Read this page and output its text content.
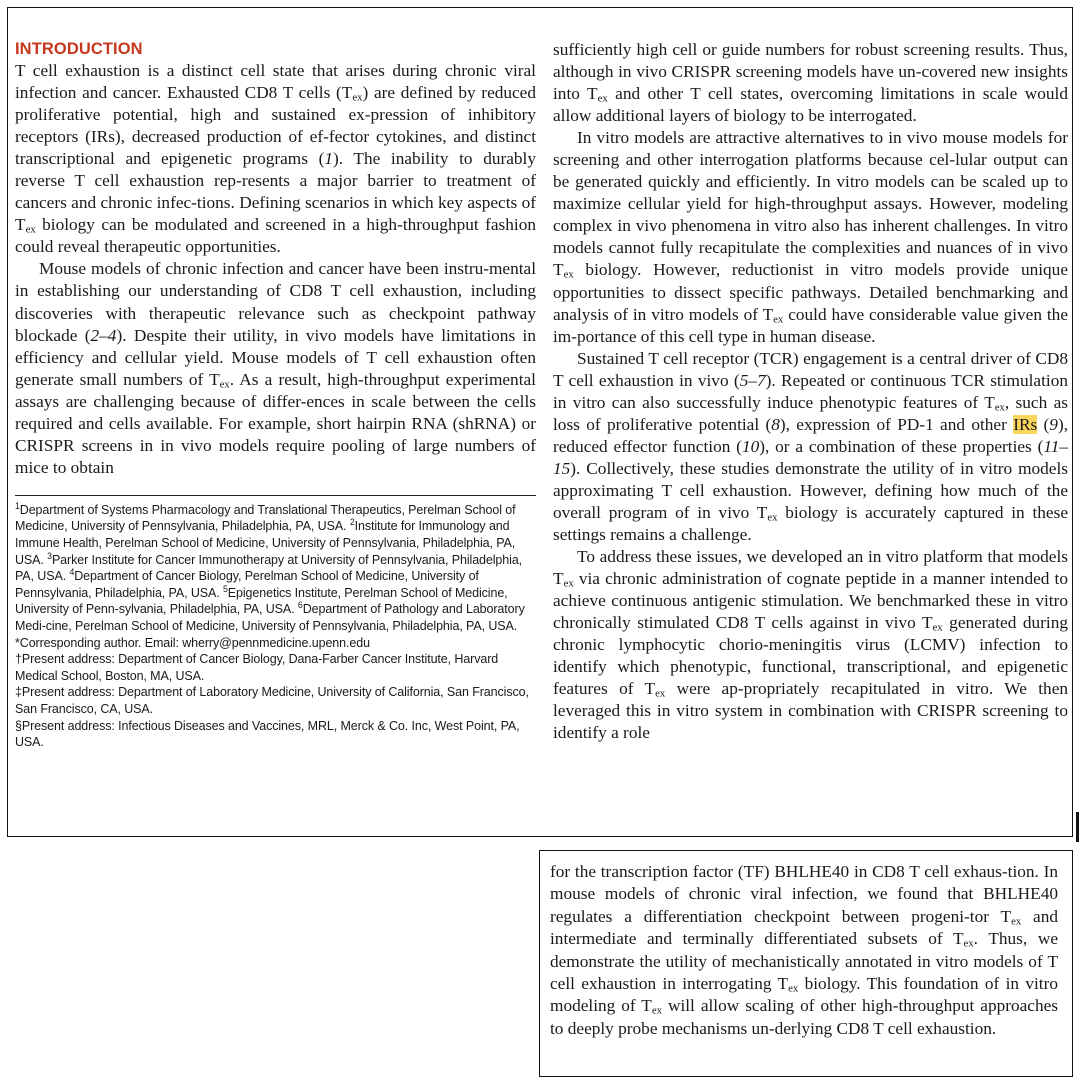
INTRODUCTION

T cell exhaustion is a distinct cell state that arises during chronic viral infection and cancer. Exhausted CD8 T cells $(T_{ex})$ are defined by reduced proliferative potential, high and sustained ex-pression of inhibitory receptors (IRs), decreased production of ef-fector cytokines, and distinct transcriptional and epigenetic programs (1). The inability to durably reverse T cell exhaustion rep-resents a major barrier to treatment of cancers and chronic infec-tions. Defining scenarios in which key aspects of $T_{ex}$ biology can be modulated and screened in a high-throughput fashion could reveal therapeutic opportunities.

Mouse models of chronic infection and cancer have been instru-mental in establishing our understanding of CD8 T cell exhaustion, including discoveries with therapeutic relevance such as checkpoint pathway blockade (2–4). Despite their utility, in vivo models have limitations in efficiency and cellular yield. Mouse models of T cell exhaustion often generate small numbers of $T_{ex}$. As a result, high-throughput experimental assays are challenging because of differ-ences in scale between the cells required and cells available. For example, short hairpin RNA (shRNA) or CRISPR screens in in vivo models require pooling of large numbers of mice to obtain

$^1$Department of Systems Pharmacology and Translational Therapeutics, Perelman School of Medicine, University of Pennsylvania, Philadelphia, PA, USA. $^2$Institute for Immunology and Immune Health, Perelman School of Medicine, University of Pennsylvania, Philadelphia, PA, USA. $^3$Parker Institute for Cancer Immunotherapy at University of Pennsylvania, Philadelphia, PA, USA. $^4$Department of Cancer Biology, Perelman School of Medicine, University of Pennsylvania, Philadelphia, PA, USA. $^5$Epigenetics Institute, Perelman School of Medicine, University of Penn-sylvania, Philadelphia, PA, USA. $^6$Department of Pathology and Laboratory Medi-cine, Perelman School of Medicine, University of Pennsylvania, Philadelphia, PA, USA.

*Corresponding author. Email: wherry@pennmedicine.upenn.edu

†Present address: Department of Cancer Biology, Dana-Farber Cancer Institute, Harvard Medical School, Boston, MA, USA.

‡Present address: Department of Laboratory Medicine, University of California, San Francisco, San Francisco, CA, USA.

§Present address: Infectious Diseases and Vaccines, MRL, Merck & Co. Inc, West Point, PA, USA.

sufficiently high cell or guide numbers for robust screening results. Thus, although in vivo CRISPR screening models have un-covered new insights into $T_{ex}$ and other T cell states, overcoming limitations in scale would allow additional layers of biology to be interrogated.

In vitro models are attractive alternatives to in vivo mouse models for screening and other interrogation platforms because cel-lular output can be generated quickly and efficiently. In vitro models can be scaled up to maximize cellular yield for high-throughput assays. However, modeling complex in vivo phenomena in vitro also has inherent challenges. In vitro models cannot fully recapitulate the complexities and nuances of in vivo $T_{ex}$ biology. However, reductionist in vitro models provide unique opportunities to dissect specific pathways. Detailed benchmarking and analysis of in vitro models of $T_{ex}$ could have considerable value given the im-portance of this cell type in human disease.

Sustained T cell receptor (TCR) engagement is a central driver of CD8 T cell exhaustion in vivo (5–7). Repeated or continuous TCR stimulation in vitro can also successfully induce phenotypic features of $T_{ex}$, such as loss of proliferative potential (8), expression of PD-1 and other IRs (9), reduced effector function (10), or a combination of these properties (11–15). Collectively, these studies demonstrate the utility of in vitro models approximating T cell exhaustion. However, defining how much of the overall program of in vivo $T_{ex}$ biology is accurately captured in these settings remains a challenge.

To address these issues, we developed an in vitro platform that models $T_{ex}$ via chronic administration of cognate peptide in a manner intended to achieve continuous antigenic stimulation. We benchmarked these in vitro chronically stimulated CD8 T cells against in vivo $T_{ex}$ generated during chronic lymphocytic chorio-meningitis virus (LCMV) infection to identify which phenotypic, functional, transcriptional, and epigenetic features of $T_{ex}$ were ap-propriately recapitulated in vitro. We then leveraged this in vitro system in combination with CRISPR screening to identify a role

for the transcription factor (TF) BHLHE40 in CD8 T cell exhaus-tion. In mouse models of chronic viral infection, we found that BHLHE40 regulates a differentiation checkpoint between progeni-tor $T_{ex}$ and intermediate and terminally differentiated subsets of $T_{ex}$. Thus, we demonstrate the utility of mechanistically annotated in vitro models of T cell exhaustion in interrogating $T_{ex}$ biology. This foundation of in vitro modeling of $T_{ex}$ will allow scaling of other high-throughput approaches to deeply probe mechanisms un-derlying CD8 T cell exhaustion.
